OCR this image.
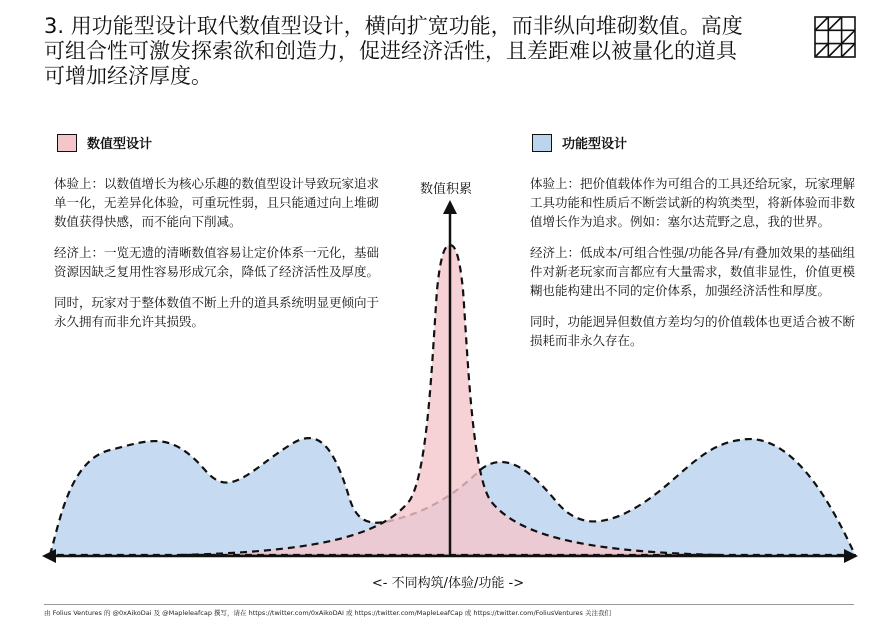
3. 用功能型设计取代数值型设计，横向扩宽功能，而非纵向堆砌数值。高度可组合性可激发探索欲和创造力，促进经济活性，且差距难以被量化的道具可增加经济厚度。
数值型设计	功能型设计

体验上：以数值增长为核心乐趣的数值型设计导致玩家追求单一化，无差异化体验，可重玩性弱，且只能通过向上堆砌数值获得快感，而不能向下削减。

经济上：一览无遗的清晰数值容易让定价体系一元化，基础资源因缺乏复用性容易形成冗余，降低了经济活性及厚度。

同时，玩家对于整体数值不断上升的道具系统明显更倾向于永久拥有而非允许其损毁。

体验上：把价值载体作为可组合的工具还给玩家，玩家理解工具功能和性质后不断尝试新的构筑类型，将新体验而非数值增长作为追求。例如：塞尔达荒野之息，我的世界。

经济上：低成本/可组合性强/功能各异/有叠加效果的基础组件对新老玩家而言都应有大量需求，数值非显性，价值更模糊也能构建出不同的定价体系，加强经济活性和厚度。

同时，功能迥异但数值方差均匀的价值载体也更适合被不断损耗而非永久存在。

数值积累
<- 不同构筑/体验/功能 ->
由 Folius Ventures 的 @0xAikoDai 及 @Mapleleafcap 撰写，请在 https://twitter.com/0xAikoDAI 或 https://twitter.com/MapleLeafCap 或 https://twitter.com/FoliusVentures 关注我们
